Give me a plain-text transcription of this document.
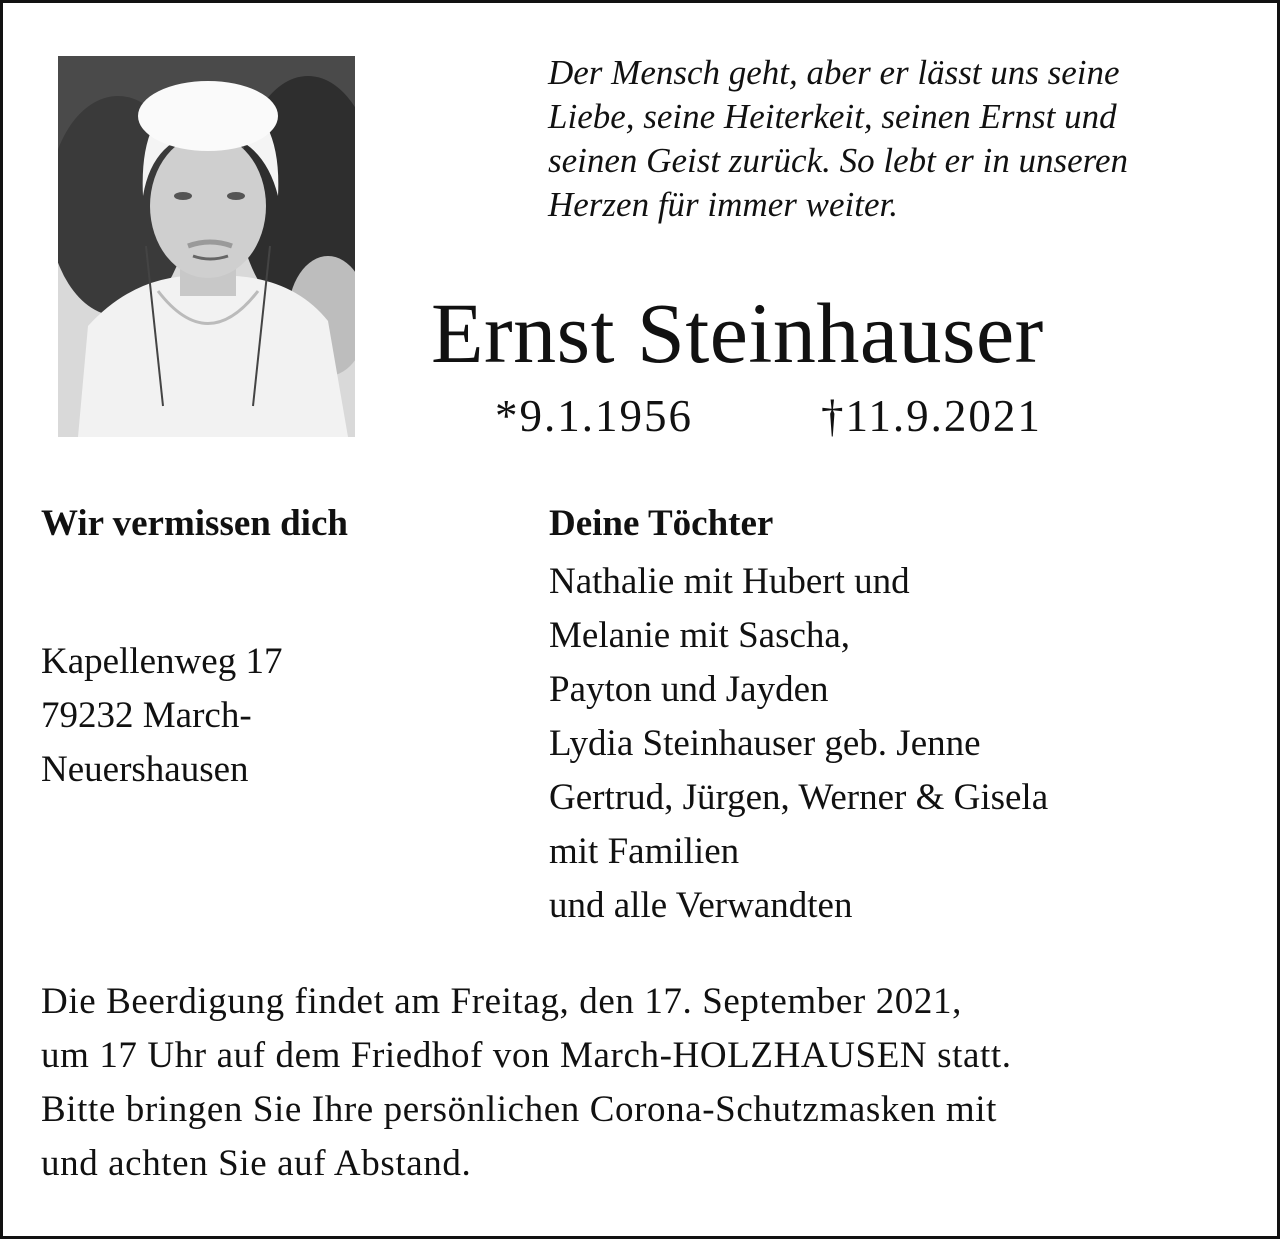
Der Mensch geht, aber er lässt uns seine
Liebe, seine Heiterkeit, seinen Ernst und
seinen Geist zurück. So lebt er in unseren
Herzen für immer weiter.
Ernst Steinhauser
*9.1.1956	†11.9.2021
Wir vermissen dich
Kapellenweg 17
79232 March-
Neuershausen
Deine Töchter
Nathalie mit Hubert und
Melanie mit Sascha,
Payton und Jayden
Lydia Steinhauser geb. Jenne
Gertrud, Jürgen, Werner & Gisela
mit Familien
und alle Verwandten
Die Beerdigung findet am Freitag, den 17. September 2021,
um 17 Uhr auf dem Friedhof von March-HOLZHAUSEN statt.
Bitte bringen Sie Ihre persönlichen Corona-Schutzmasken mit
und achten Sie auf Abstand.
